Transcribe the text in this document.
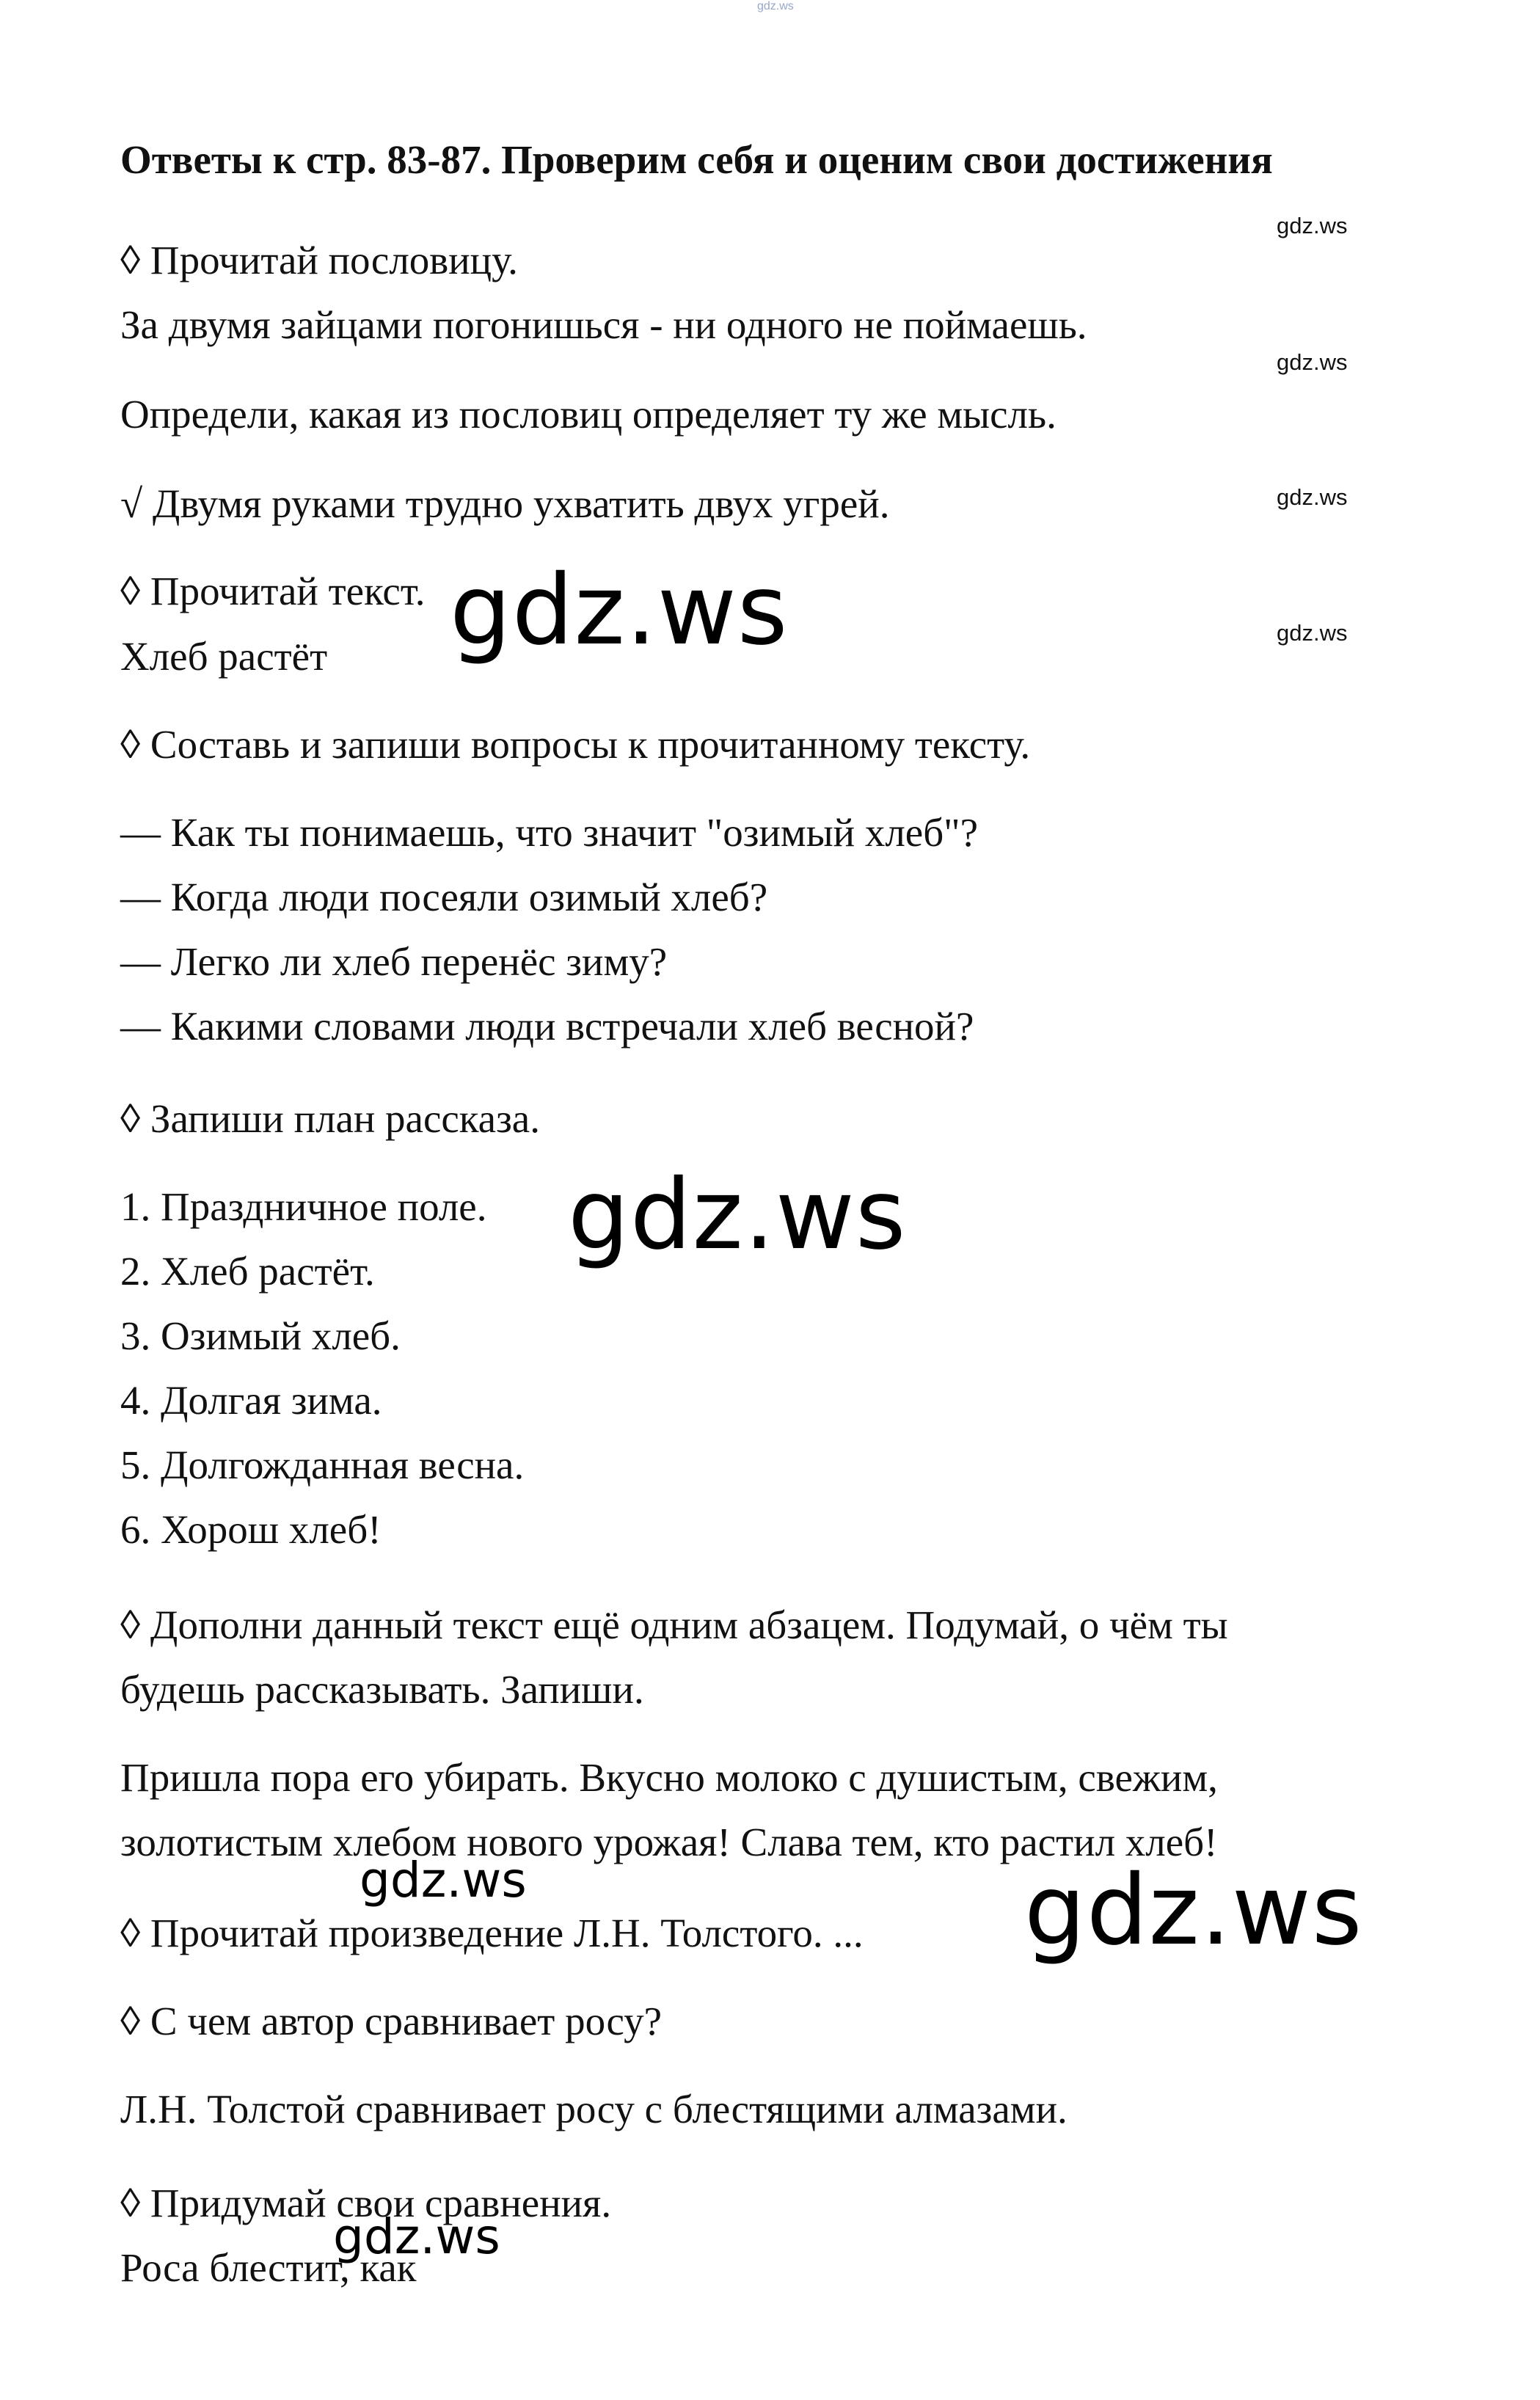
gdz.ws
Ответы к стр. 83-87. Проверим себя и оценим свои достижения
gdz.ws
◊ Прочитай пословицу.
За двумя зайцами погонишься - ни одного не поймаешь.
gdz.ws
Определи, какая из пословиц определяет ту же мысль.
√ Двумя руками трудно ухватить двух угрей.	gdz.ws
◊ Прочитай текст. gdz.ws	gdz.ws
Хлеб растёт
◊ Составь и запиши вопросы к прочитанному тексту.
— Как ты понимаешь, что значит "озимый хлеб"?
— Когда люди посеяли озимый хлеб?
— Легко ли хлеб перенёс зиму?
— Какими словами люди встречали хлеб весной?
◊ Запиши план рассказа.
gdz.ws
1. Праздничное поле.
2. Хлеб растёт.
3. Озимый хлеб.
4. Долгая зима.
5. Долгожданная весна.
6. Хорош хлеб!
◊ Дополни данный текст ещё одним абзацем. Подумай, о чём ты
будешь рассказывать. Запиши.
Пришла пора его убирать. Вкусно молоко с душистым, свежим,
золотистым хлебом нового урожая! Слава тем, кто растил хлеб!
gdz.ws	gdz.ws
◊ Прочитай произведение Л.Н. Толстого. ...
◊ С чем автор сравнивает росу?
Л.Н. Толстой сравнивает росу с блестящими алмазами.
◊ Придумай свои сравнения.
gdz.ws
Роса блестит, как
